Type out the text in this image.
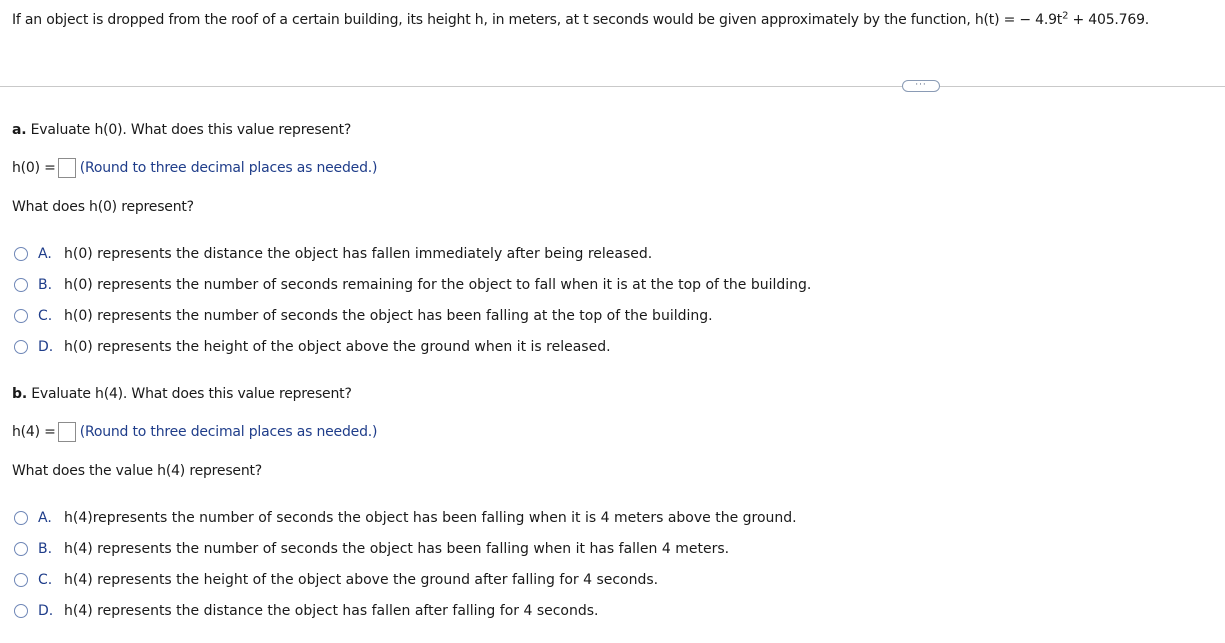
If an object is dropped from the roof of a certain building, its height h, in meters, at t seconds would be given approximately by the function, h(t) = − $4.9t^2 + 405.769$.
···
a. Evaluate h(0). What does this value represent?
h(0) = (Round to three decimal places as needed.)
What does h(0) represent?
A. h(0) represents the distance the object has fallen immediately after being released.
B. h(0) represents the number of seconds remaining for the object to fall when it is at the top of the building.
C. h(0) represents the number of seconds the object has been falling at the top of the building.
D. h(0) represents the height of the object above the ground when it is released.
b. Evaluate h(4). What does this value represent?
h(4) = (Round to three decimal places as needed.)
What does the value h(4) represent?
A. h(4)represents the number of seconds the object has been falling when it is 4 meters above the ground.
B. h(4) represents the number of seconds the object has been falling when it has fallen 4 meters.
C. h(4) represents the height of the object above the ground after falling for 4 seconds.
D. h(4) represents the distance the object has fallen after falling for 4 seconds.
